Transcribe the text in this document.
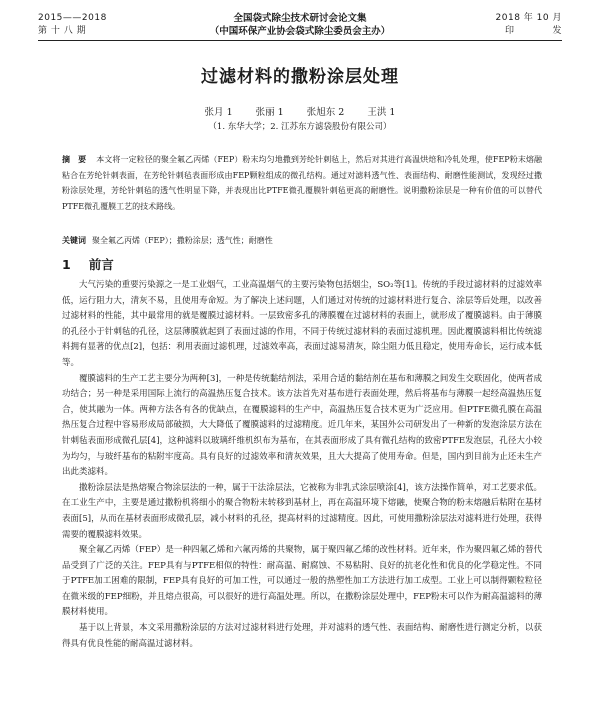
2015——2018
第 十 八 期
全国袋式除尘技术研讨会论文集
（中国环保产业协会袋式除尘委员会主办）
2018 年 10 月
印　　　　发
过滤材料的撒粉涂层处理
张月 1 张丽 1 张旭东 2 王洪 1
（1. 东华大学；2. 江苏东方滤袋股份有限公司）
摘　要 本文将一定粒径的聚全氟乙丙烯（FEP）粉末均匀地撒到芳纶针刺毡上，然后对其进行高温烘焙和冷轧处理，使FEP粉末熔融粘合在芳纶针刺表面，在芳纶针刺毡表面形成由FEP颗粒组成的微孔结构。通过对滤料透气性、表面结构、耐磨性能测试，发现经过撒粉涂层处理，芳纶针刺毡的透气性明显下降，并表现出比PTFE微孔覆膜针刺毡更高的耐磨性。说明撒粉涂层是一种有价值的可以替代PTFE微孔覆膜工艺的技术路线。
关键词 聚全氟乙丙烯（FEP）；撒粉涂层；透气性；耐磨性
1 前言

大气污染的重要污染源之一是工业烟气，工业高温烟气的主要污染物包括烟尘，SO₂等[1]。传统的手段过滤材料的过滤效率低，运行阻力大，清灰不易，且使用寿命短。为了解决上述问题，人们通过对传统的过滤材料进行复合、涂层等后处理，以改善过滤材料的性能，其中最常用的就是覆膜过滤材料。一层致密多孔的薄膜覆在过滤材料的表面上，就形成了覆膜滤料。由于薄膜的孔径小于针刺毡的孔径，这层薄膜就起到了表面过滤的作用，不同于传统过滤材料的表面过滤机理。因此覆膜滤料相比传统滤料拥有显著的优点[2]，包括：利用表面过滤机理，过滤效率高，表面过滤易清灰，除尘阻力低且稳定，使用寿命长，运行成本低等。

覆膜滤料的生产工艺主要分为两种[3]，一种是传统黏结剂法，采用合适的黏结剂在基布和薄膜之间发生交联固化，使两者成功结合；另一种是采用国际上流行的高温热压复合技术。该方法首先对基布进行表面处理，然后将基布与薄膜一起经高温热压复合，使其融为一体。两种方法各有各的优缺点，在覆膜滤料的生产中，高温热压复合技术更为广泛应用。但PTFE微孔膜在高温热压复合过程中容易形成局部破损，大大降低了覆膜滤料的过滤精度。近几年来，某国外公司研发出了一种新的发泡涂层方法在针刺毡表面形成微孔层[4]，这种滤料以玻璃纤维机织布为基布，在其表面形成了具有微孔结构的致密PTFE发泡层，孔径大小较为均匀，与玻纤基布的粘附牢度高。具有良好的过滤效率和清灰效果，且大大提高了使用寿命。但是，国内到目前为止还未生产出此类滤料。

撒粉涂层法是热熔聚合物涂层法的一种，属于干法涂层法，它被称为非乳式涂层喷涂[4]，该方法操作简单，对工艺要求低。在工业生产中，主要是通过撒粉机将细小的聚合物粉末转移到基材上，再在高温环境下熔融，使聚合物的粉末熔融后粘附在基材表面[5]，从而在基材表面形成微孔层，减小材料的孔径，提高材料的过滤精度。因此，可使用撒粉涂层法对滤料进行处理，获得需要的覆膜滤料效果。

聚全氟乙丙烯（FEP）是一种四氟乙烯和六氟丙烯的共聚物，属于聚四氟乙烯的改性材料。近年来，作为聚四氟乙烯的替代品受到了广泛的关注。FEP具有与PTFE相似的特性：耐高温、耐腐蚀、不易粘附、良好的抗老化性和优良的化学稳定性。不同于PTFE加工困难的限制，FEP具有良好的可加工性，可以通过一般的热塑性加工方法进行加工成型。工业上可以制得颗粒粒径在微米级的FEP细粉，并且熔点很高，可以很好的进行高温处理。所以，在撒粉涂层处理中，FEP粉末可以作为耐高温滤料的薄膜材料使用。

基于以上背景，本文采用撒粉涂层的方法对过滤材料进行处理，并对滤料的透气性、表面结构、耐磨性进行测定分析，以获得具有优良性能的耐高温过滤材料。
